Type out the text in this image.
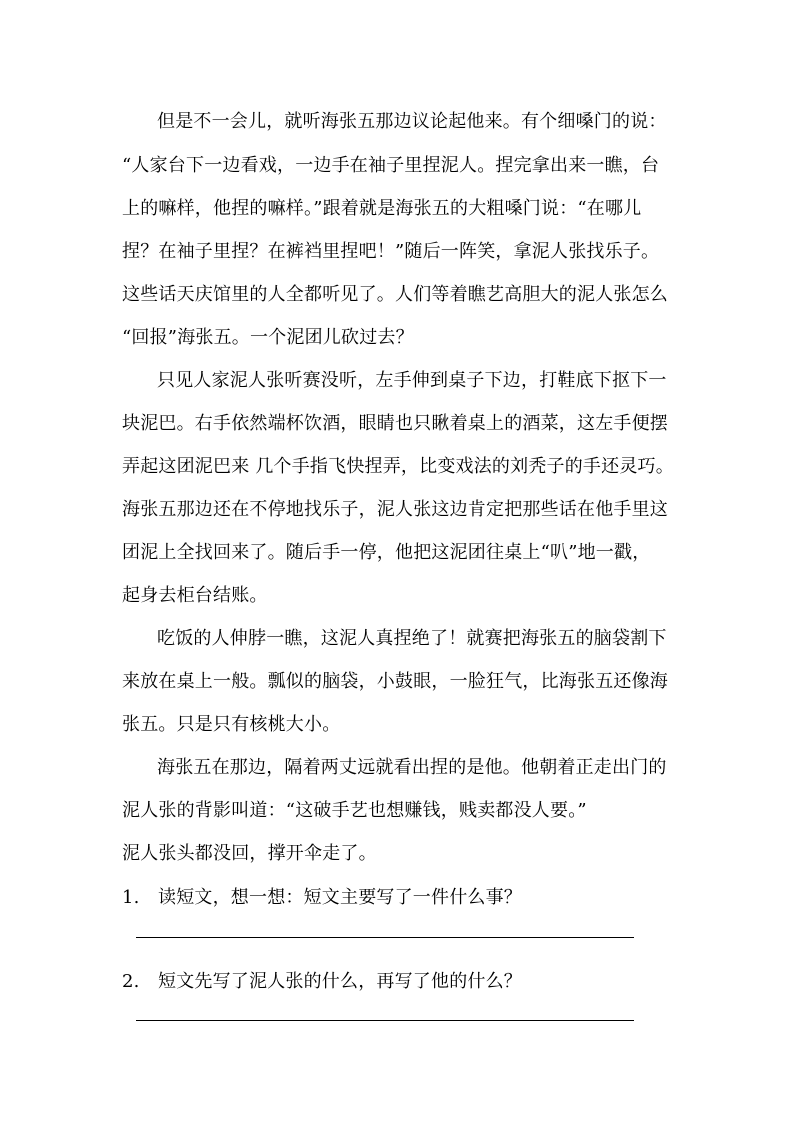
但是不一会儿，就听海张五那边议论起他来。有个细嗓门的说：
“人家台下一边看戏，一边手在袖子里捏泥人。捏完拿出来一瞧，台
上的嘛样，他捏的嘛样。”跟着就是海张五的大粗嗓门说：“在哪儿
捏？在袖子里捏？在裤裆里捏吧！”随后一阵笑，拿泥人张找乐子。
这些话天庆馆里的人全都听见了。人们等着瞧艺高胆大的泥人张怎么
“回报”海张五。一个泥团儿砍过去？
只见人家泥人张听赛没听，左手伸到桌子下边，打鞋底下抠下一
块泥巴。右手依然端杯饮酒，眼睛也只瞅着桌上的酒菜，这左手便摆
弄起这团泥巴来 几个手指飞快捏弄，比变戏法的刘秃子的手还灵巧。
海张五那边还在不停地找乐子，泥人张这边肯定把那些话在他手里这
团泥上全找回来了。随后手一停，他把这泥团往桌上“叭”地一戳，
起身去柜台结账。
吃饭的人伸脖一瞧，这泥人真捏绝了！就赛把海张五的脑袋割下
来放在桌上一般。瓢似的脑袋，小鼓眼，一脸狂气，比海张五还像海
张五。只是只有核桃大小。
海张五在那边，隔着两丈远就看出捏的是他。他朝着正走出门的
泥人张的背影叫道：“这破手艺也想赚钱，贱卖都没人要。”
泥人张头都没回，撑开伞走了。
1. 读短文，想一想：短文主要写了一件什么事？
2. 短文先写了泥人张的什么，再写了他的什么？
